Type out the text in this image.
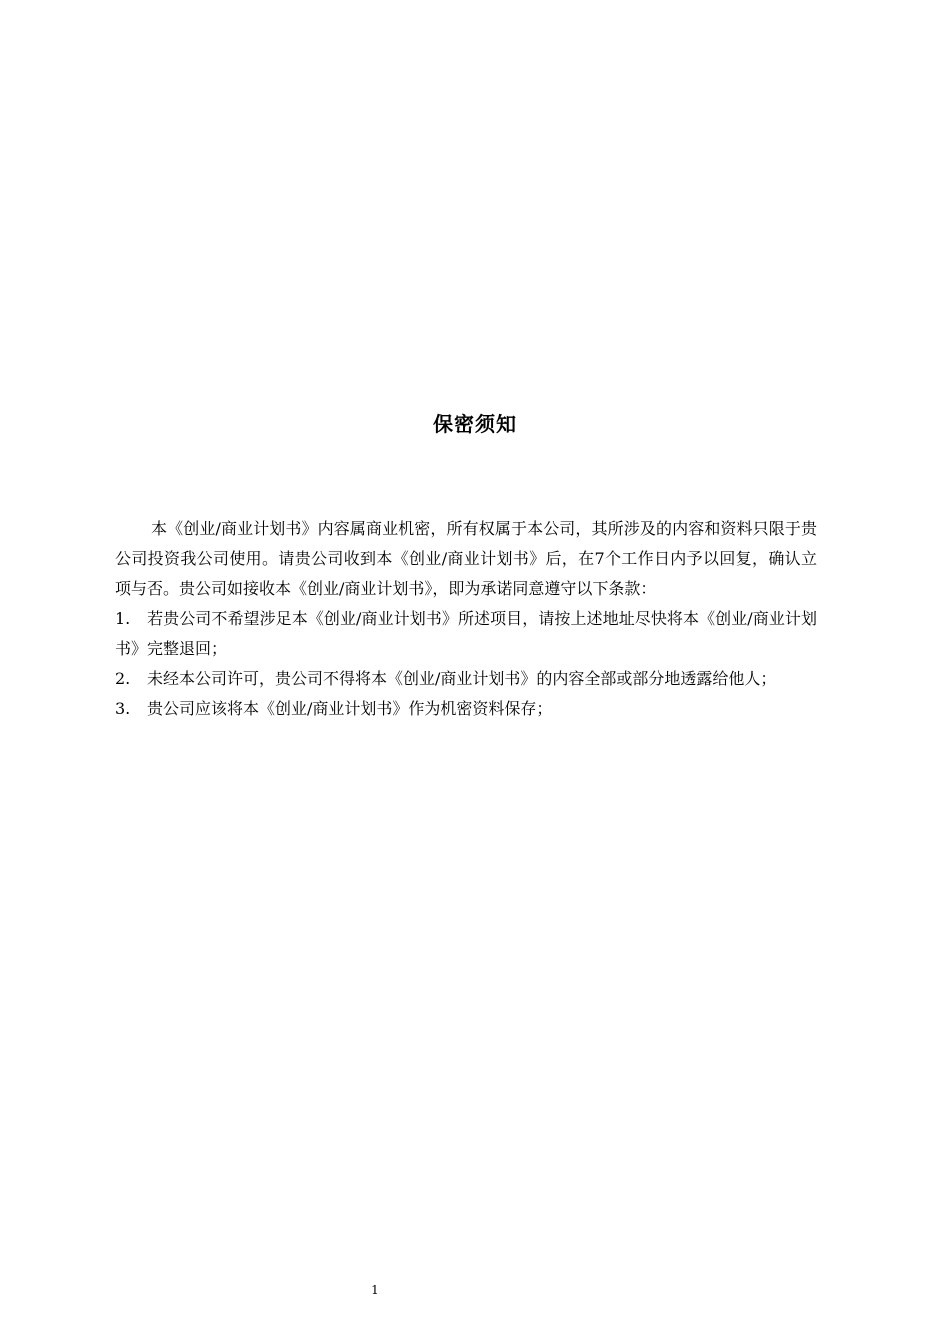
保密须知

本《创业/商业计划书》内容属商业机密，所有权属于本公司，其所涉及的内容和资料只限于贵公司投资我公司使用。请贵公司收到本《创业/商业计划书》后，在7个工作日内予以回复，确认立项与否。贵公司如接收本《创业/商业计划书》，即为承诺同意遵守以下条款：

1. 若贵公司不希望涉足本《创业/商业计划书》所述项目，请按上述地址尽快将本《创业/商业计划书》完整退回；

2. 未经本公司许可，贵公司不得将本《创业/商业计划书》的内容全部或部分地透露给他人；

3. 贵公司应该将本《创业/商业计划书》作为机密资料保存；

1
